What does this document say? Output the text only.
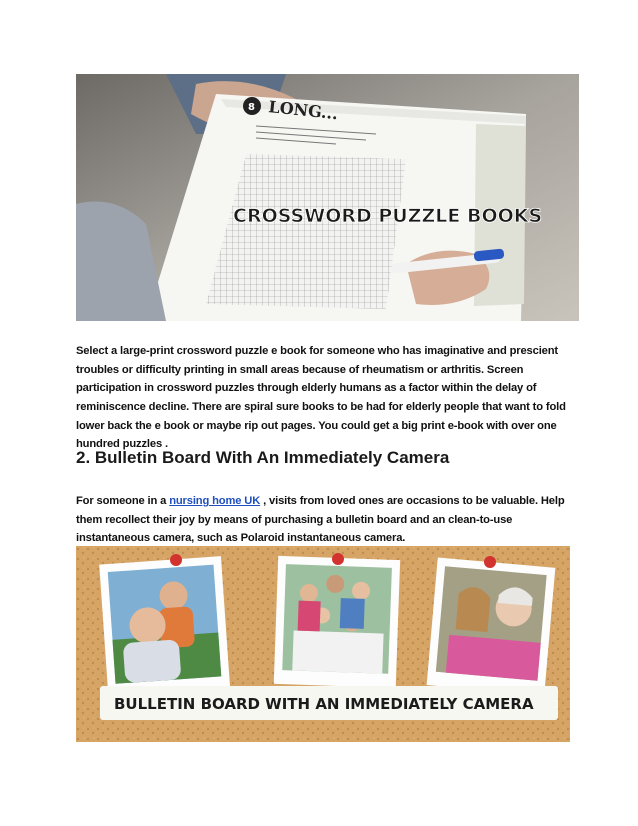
8 LONG...
CROSSWORD PUZZLE BOOKS

Select a large-print crossword puzzle e book for someone who has imaginative and prescient troubles or difficulty printing in small areas because of rheumatism or arthritis. Screen participation in crossword puzzles through elderly humans as a factor within the delay of reminiscence decline. There are spiral sure books to be had for elderly people that want to fold lower back the e book or maybe rip out pages. You could get a big print e-book with over one hundred puzzles .

2. Bulletin Board With An Immediately Camera

For someone in a nursing home UK , visits from loved ones are occasions to be valuable. Help them recollect their joy by means of purchasing a bulletin board and an clean-to-use instantaneous camera, such as Polaroid instantaneous camera.

BULLETIN BOARD WITH AN IMMEDIATELY CAMERA
